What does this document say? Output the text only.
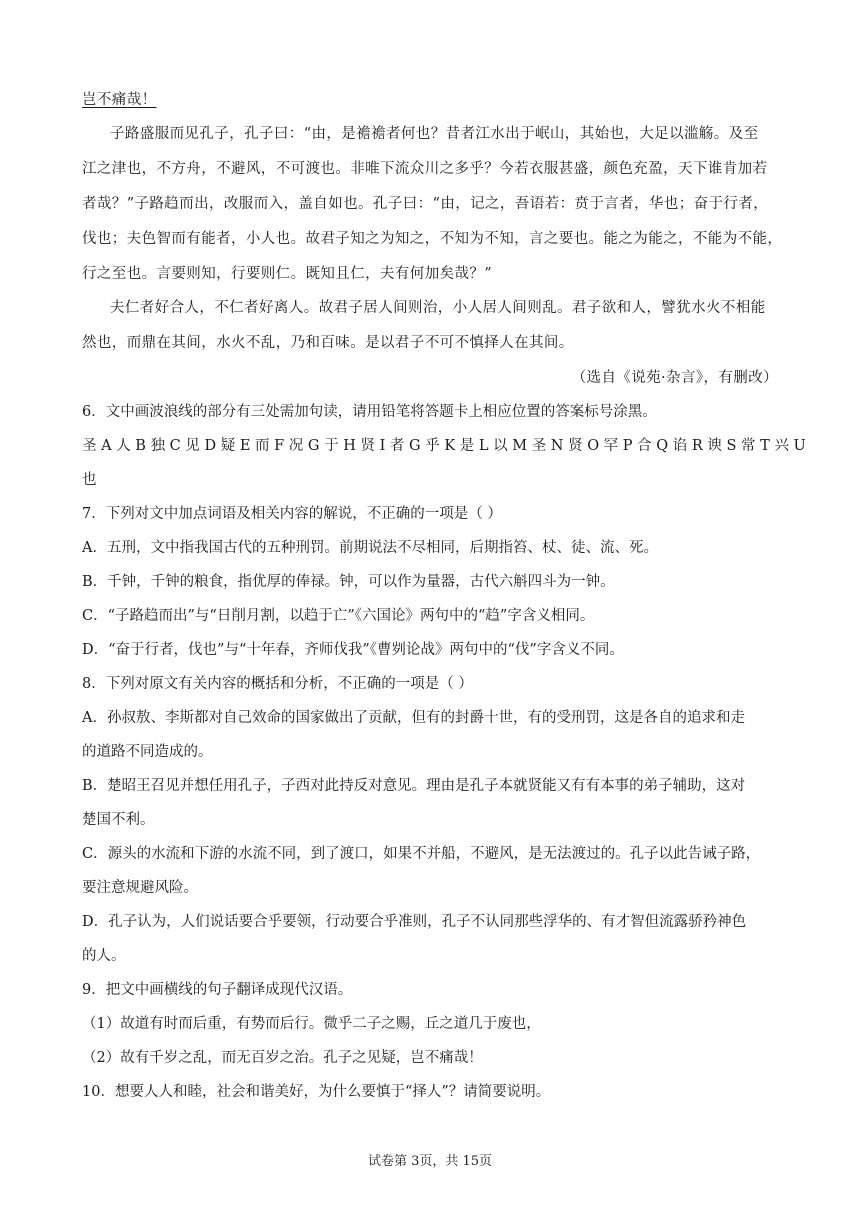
岂不痛哉！
子路盛服而见孔子，孔子曰：“由，是襜襜者何也？昔者江水出于岷山，其始也，大足以滥觞。及至
江之津也，不方舟，不避风，不可渡也。非唯下流众川之多乎？今若衣服甚盛，颜色充盈，天下谁肯加若
者哉？”子路趋而出，改服而入，盖自如也。孔子曰：“由，记之，吾语若：贲于言者，华也；奋于行者，
伐也；夫色智而有能者，小人也。故君子知之为知之，不知为不知，言之要也。能之为能之，不能为不能，
行之至也。言要则知，行要则仁。既知且仁，夫有何加矣哉？”
夫仁者好合人，不仁者好离人。故君子居人间则治，小人居人间则乱。君子欲和人，譬犹水火不相能
然也，而鼎在其间，水火不乱，乃和百味。是以君子不可不慎择人在其间。
（选自《说苑·杂言》，有删改）
6．文中画波浪线的部分有三处需加句读，请用铅笔将答题卡上相应位置的答案标号涂黑。
圣 A 人 B 独 C 见 D 疑 E 而 F 况 G 于 H 贤 I 者 G 乎 K 是 L 以 M 圣 N 贤 O 罕 P 合 Q 谄 R 谀 S 常 T 兴 U
也
7．下列对文中加点词语及相关内容的解说，不正确的一项是（ ）
A．五刑，文中指我国古代的五种刑罚。前期说法不尽相同，后期指笞、杖、徒、流、死。
B．千钟，千钟的粮食，指优厚的俸禄。钟，可以作为量器，古代六斛四斗为一钟。
C．“子路趋而出”与“日削月割，以趋于亡”《六国论》两句中的“趋”字含义相同。
D．“奋于行者，伐也”与“十年春，齐师伐我”《曹刿论战》两句中的“伐”字含义不同。
8．下列对原文有关内容的概括和分析，不正确的一项是（ ）
A．孙叔敖、李斯都对自己效命的国家做出了贡献，但有的封爵十世，有的受刑罚，这是各自的追求和走
的道路不同造成的。
B．楚昭王召见并想任用孔子，子西对此持反对意见。理由是孔子本就贤能又有有本事的弟子辅助，这对
楚国不利。
C．源头的水流和下游的水流不同，到了渡口，如果不并船，不避风，是无法渡过的。孔子以此告诫子路，
要注意规避风险。
D．孔子认为，人们说话要合乎要领，行动要合乎准则，孔子不认同那些浮华的、有才智但流露骄矜神色
的人。
9．把文中画横线的句子翻译成现代汉语。
（1）故道有时而后重，有势而后行。微乎二子之赐，丘之道几于废也，
（2）故有千岁之乱，而无百岁之治。孔子之见疑，岂不痛哉！
10．想要人人和睦，社会和谐美好，为什么要慎于“择人”？请简要说明。
试卷第 3页，共 15页
